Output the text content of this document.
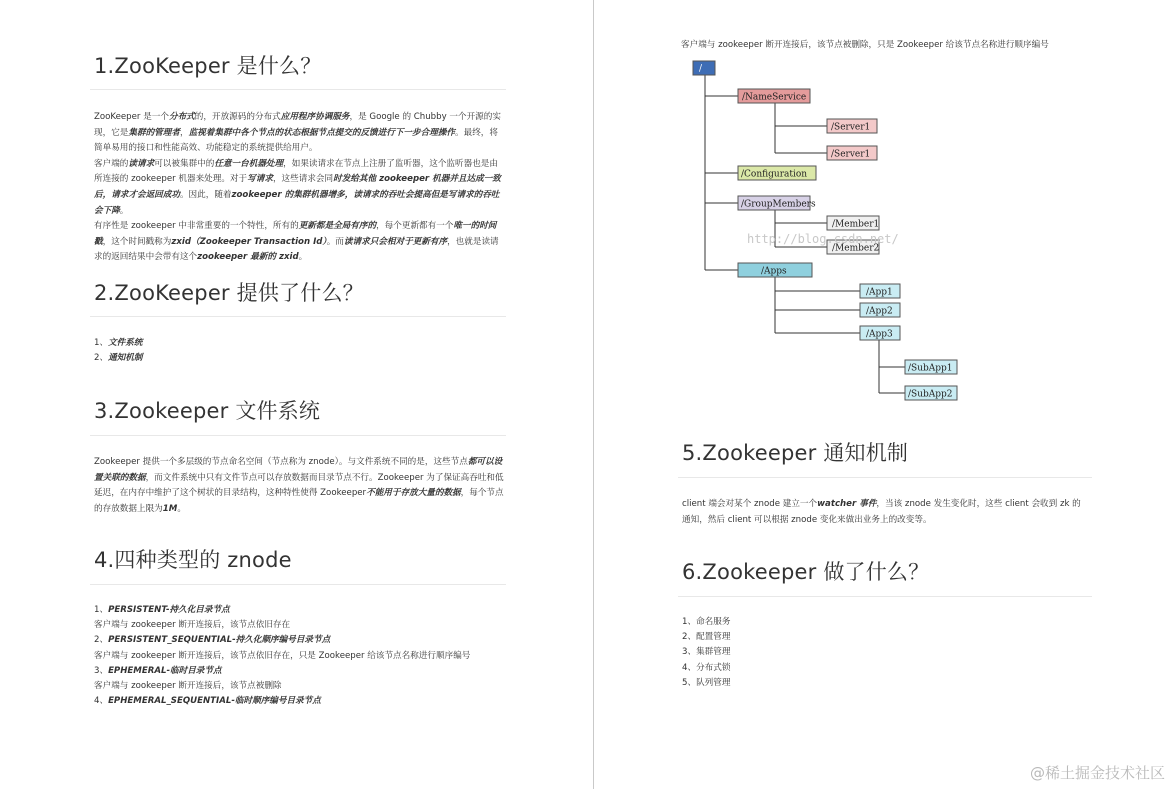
1.ZooKeeper 是什么？
ZooKeeper 是一个分布式的，开放源码的分布式应用程序协调服务，是 Google 的 Chubby 一个开源的实现，它是集群的管理者，监视着集群中各个节点的状态根据节点提交的反馈进行下一步合理操作。最终，将简单易用的接口和性能高效、功能稳定的系统提供给用户。
客户端的读请求可以被集群中的任意一台机器处理，如果读请求在节点上注册了监听器，这个监听器也是由所连接的 zookeeper 机器来处理。对于写请求，这些请求会同时发给其他 zookeeper 机器并且达成一致后，请求才会返回成功。因此，随着zookeeper 的集群机器增多，读请求的吞吐会提高但是写请求的吞吐会下降。
有序性是 zookeeper 中非常重要的一个特性，所有的更新都是全局有序的，每个更新都有一个唯一的时间戳，这个时间戳称为zxid（Zookeeper Transaction Id）。而读请求只会相对于更新有序，也就是读请求的返回结果中会带有这个zookeeper 最新的 zxid。
2.ZooKeeper 提供了什么？
1、文件系统
2、通知机制
3.Zookeeper 文件系统
Zookeeper 提供一个多层级的节点命名空间（节点称为 znode）。与文件系统不同的是，这些节点都可以设置关联的数据，而文件系统中只有文件节点可以存放数据而目录节点不行。Zookeeper 为了保证高吞吐和低延迟，在内存中维护了这个树状的目录结构，这种特性使得 Zookeeper不能用于存放大量的数据，每个节点的存放数据上限为1M。
4.四种类型的 znode
1、PERSISTENT-持久化目录节点
客户端与 zookeeper 断开连接后，该节点依旧存在
2、PERSISTENT_SEQUENTIAL-持久化顺序编号目录节点
客户端与 zookeeper 断开连接后，该节点依旧存在，只是 Zookeeper 给该节点名称进行顺序编号
3、EPHEMERAL-临时目录节点
客户端与 zookeeper 断开连接后，该节点被删除
4、EPHEMERAL_SEQUENTIAL-临时顺序编号目录节点
客户端与 zookeeper 断开连接后，该节点被删除，只是 Zookeeper 给该节点名称进行顺序编号
/
/NameService
/Server1
/Server1
/Configuration
/GroupMembers
/Member1
/Member2
/Apps
/App1
/App2
/App3
/SubApp1
/SubApp2
http://blog.csdn.net/
5.Zookeeper 通知机制
client 端会对某个 znode 建立一个watcher 事件，当该 znode 发生变化时，这些 client 会收到 zk 的通知，然后 client 可以根据 znode 变化来做出业务上的改变等。
6.Zookeeper 做了什么？
1、命名服务
2、配置管理
3、集群管理
4、分布式锁
5、队列管理
@稀土掘金技术社区
